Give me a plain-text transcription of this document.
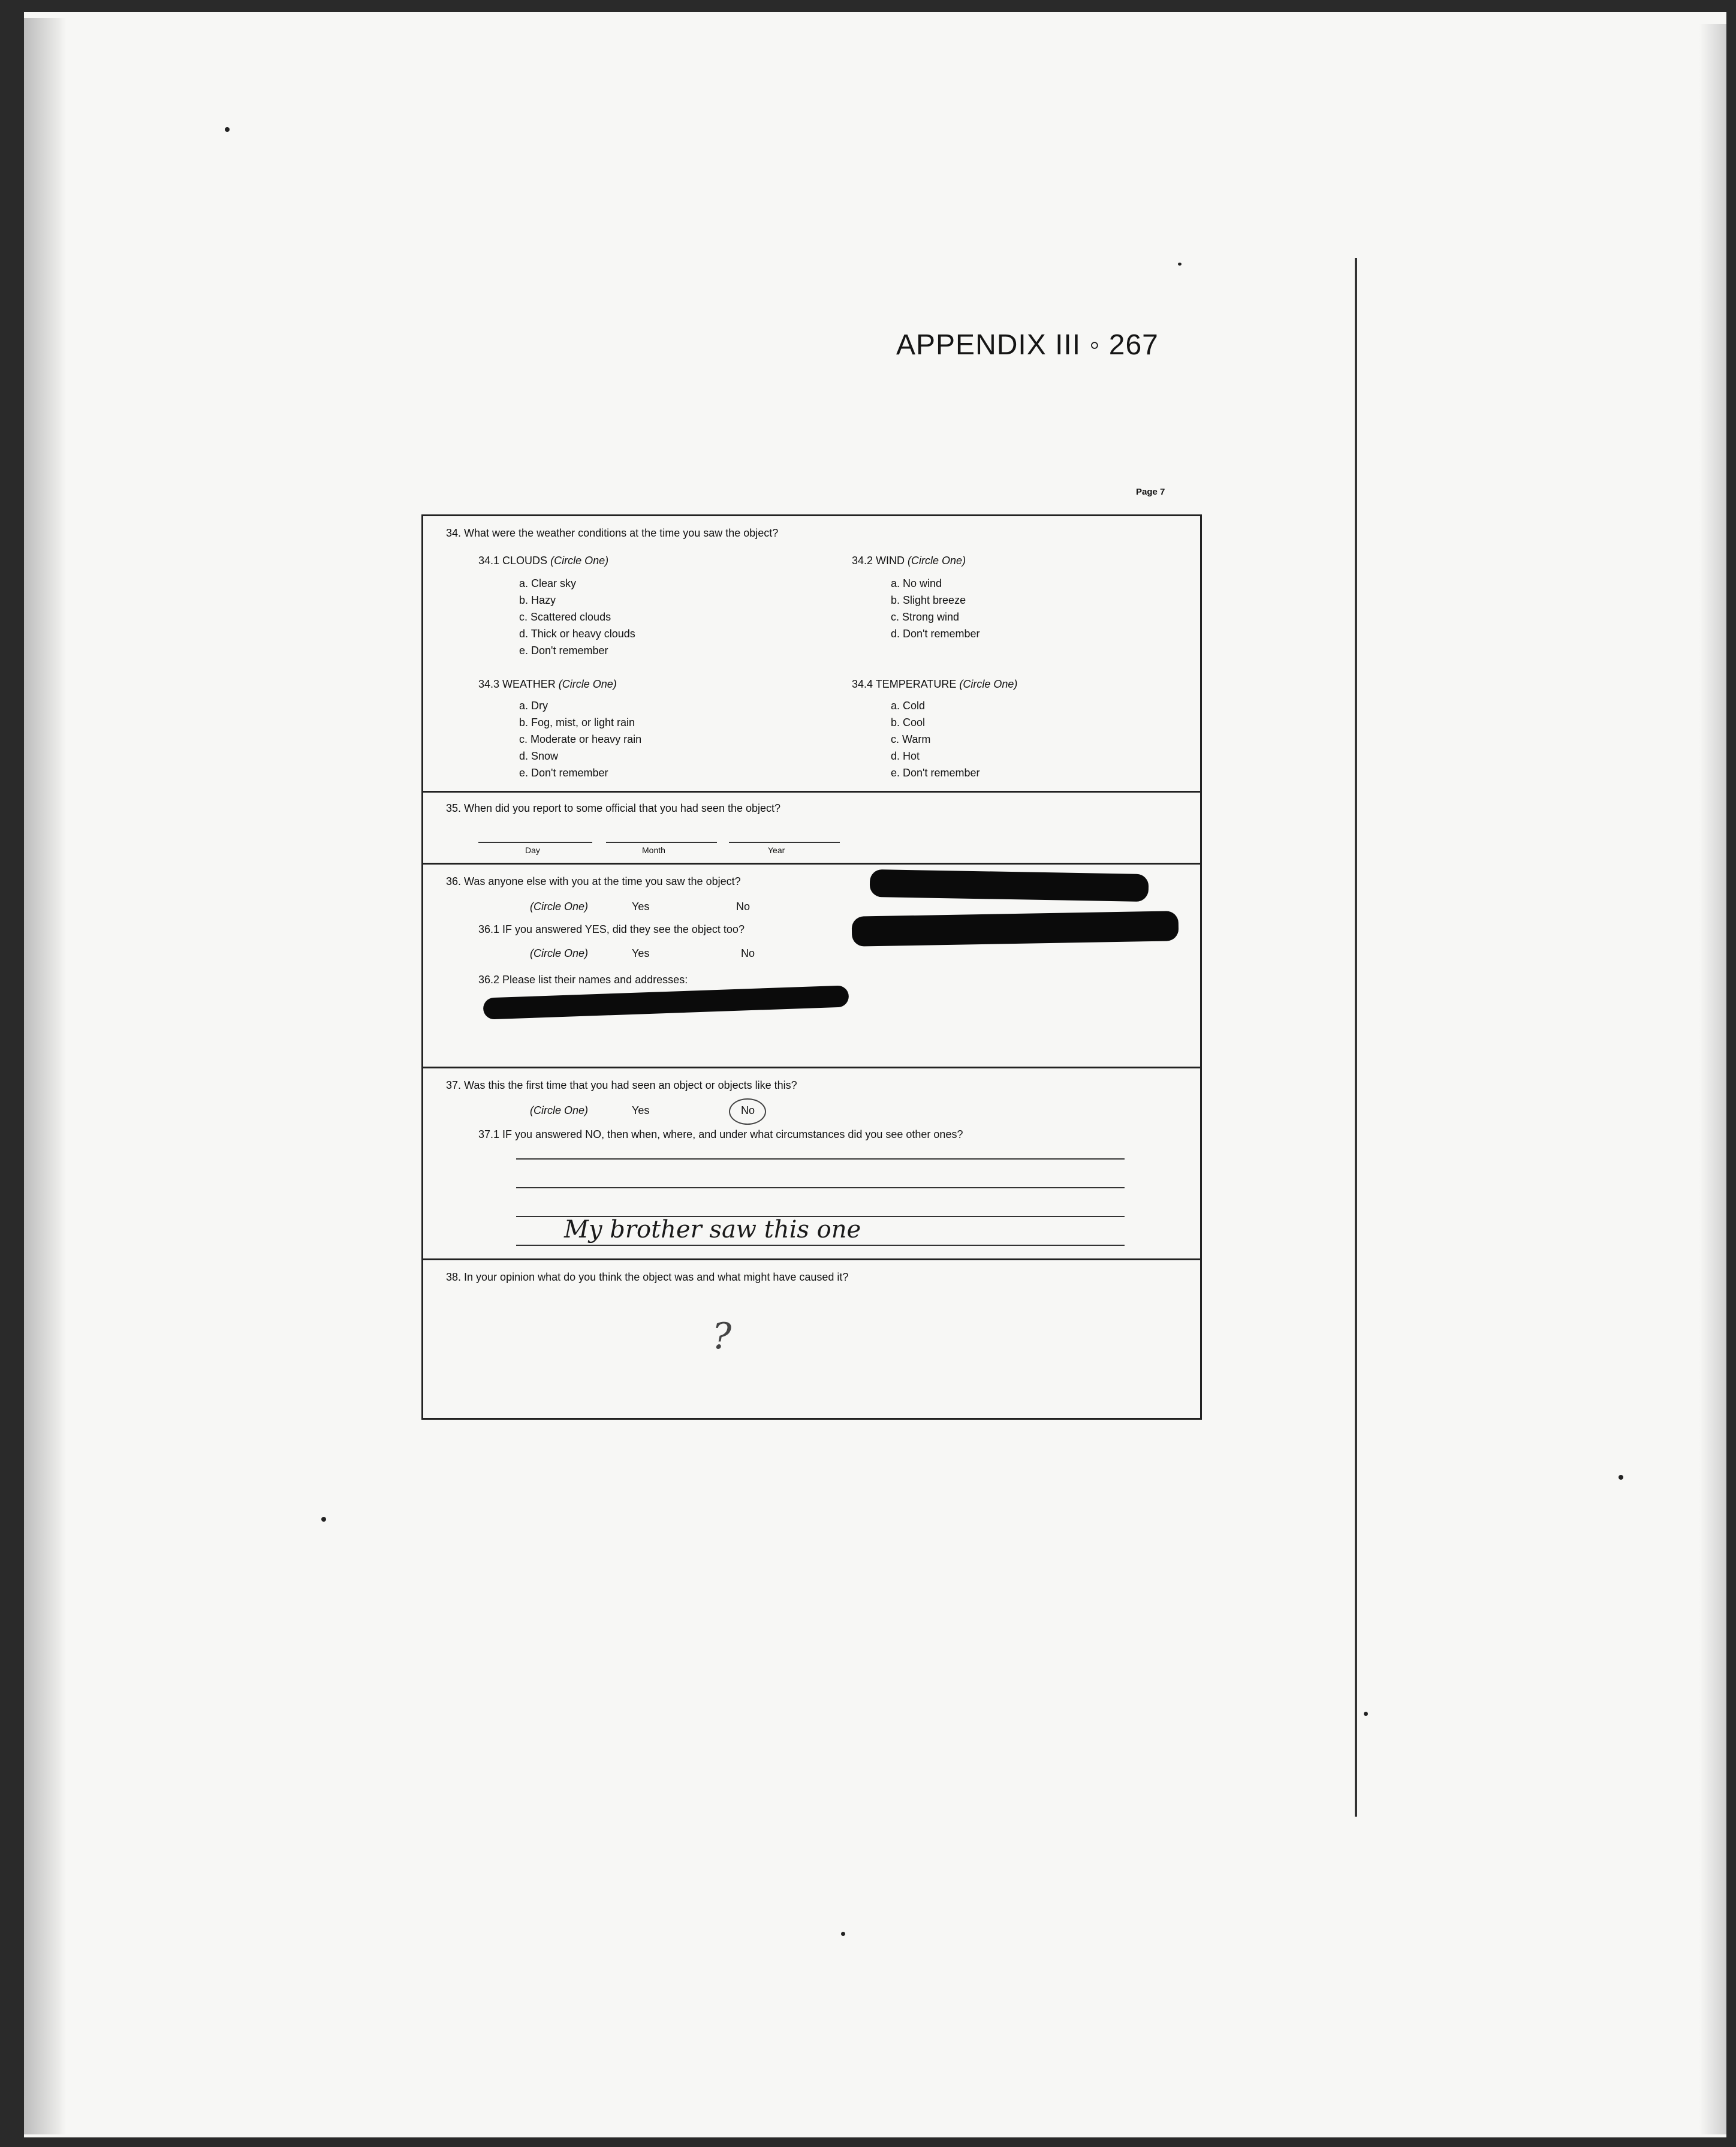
APPENDIX III ◦ 267
Page 7
34. What were the weather conditions at the time you saw the object?
34.1 CLOUDS (Circle One)
a. Clear sky
b. Hazy
c. Scattered clouds
d. Thick or heavy clouds
e. Don't remember
34.2 WIND (Circle One)
a. No wind
b. Slight breeze
c. Strong wind
d. Don't remember
34.3 WEATHER (Circle One)
a. Dry
b. Fog, mist, or light rain
c. Moderate or heavy rain
d. Snow
e. Don't remember
34.4 TEMPERATURE (Circle One)
a. Cold
b. Cool
c. Warm
d. Hot
e. Don't remember
35. When did you report to some official that you had seen the object?
Day	Month	Year
36. Was anyone else with you at the time you saw the object?
(Circle One)	Yes	No
36.1 IF you answered YES, did they see the object too?
(Circle One)	Yes	No
36.2 Please list their names and addresses:
37. Was this the first time that you had seen an object or objects like this?
(Circle One)	Yes	No
37.1 IF you answered NO, then when, where, and under what circumstances did you see other ones?
My brother saw this one
38. In your opinion what do you think the object was and what might have caused it?
?
